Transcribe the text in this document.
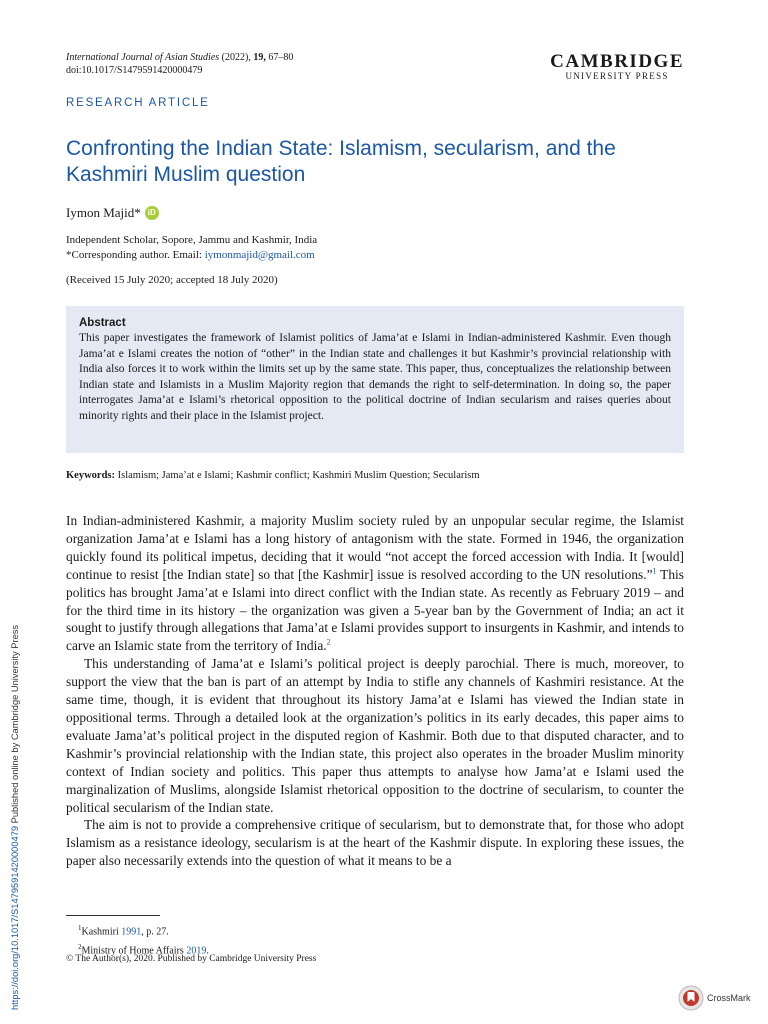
https://doi.org/10.1017/S1479591420000479 Published online by Cambridge University Press
International Journal of Asian Studies (2022), 19, 67–80
doi:10.1017/S1479591420000479	CAMBRIDGE
UNIVERSITY PRESS
RESEARCH ARTICLE
Confronting the Indian State: Islamism, secularism, and the Kashmiri Muslim question
Iymon Majid* iD
Independent Scholar, Sopore, Jammu and Kashmir, India
*Corresponding author. Email: iymonmajid@gmail.com
(Received 15 July 2020; accepted 18 July 2020)
Abstract
This paper investigates the framework of Islamist politics of Jama’at e Islami in Indian-administered Kashmir. Even though Jama’at e Islami creates the notion of “other” in the Indian state and challenges it but Kashmir’s provincial relationship with India also forces it to work within the limits set up by the same state. This paper, thus, conceptualizes the relationship between Indian state and Islamists in a Muslim Majority region that demands the right to self-determination. In doing so, the paper interrogates Jama’at e Islami’s rhetorical opposition to the political doctrine of Indian secularism and raises queries about minority rights and their place in the Islamist project.
Keywords: Islamism; Jama’at e Islami; Kashmir conflict; Kashmiri Muslim Question; Secularism

In Indian-administered Kashmir, a majority Muslim society ruled by an unpopular secular regime, the Islamist organization Jama’at e Islami has a long history of antagonism with the state. Formed in 1946, the organization quickly found its political impetus, deciding that it would “not accept the forced accession with India. It [would] continue to resist [the Indian state] so that [the Kashmir] issue is resolved according to the UN resolutions.”$^1$ This politics has brought Jama’at e Islami into direct conflict with the Indian state. As recently as February 2019 – and for the third time in its history – the organization was given a 5-year ban by the Government of India; an act it sought to justify through allegations that Jama’at e Islami provides support to insurgents in Kashmir, and intends to carve an Islamic state from the territory of India.$^2$

This understanding of Jama’at e Islami’s political project is deeply parochial. There is much, moreover, to support the view that the ban is part of an attempt by India to stifle any channels of Kashmiri resistance. At the same time, though, it is evident that throughout its history Jama’at e Islami has viewed the Indian state in oppositional terms. Through a detailed look at the organization’s politics in its early decades, this paper aims to evaluate Jama’at’s political project in the disputed region of Kashmir. Both due to that disputed character, and to Kashmir’s provincial relationship with the Indian state, this project also operates in the broader Muslim minority context of Indian society and politics. This paper thus attempts to analyse how Jama’at e Islami used the marginalization of Muslims, alongside Islamist rhetorical opposition to the doctrine of secularism, to counter the political secularism of the Indian state.

The aim is not to provide a comprehensive critique of secularism, but to demonstrate that, for those who adopt Islamism as a resistance ideology, secularism is at the heart of the Kashmir dispute. In exploring these issues, the paper also necessarily extends into the question of what it means to be a

$^1$Kashmiri 1991, p. 27.
$^2$Ministry of Home Affairs 2019.
© The Author(s), 2020. Published by Cambridge University Press
CrossMark
